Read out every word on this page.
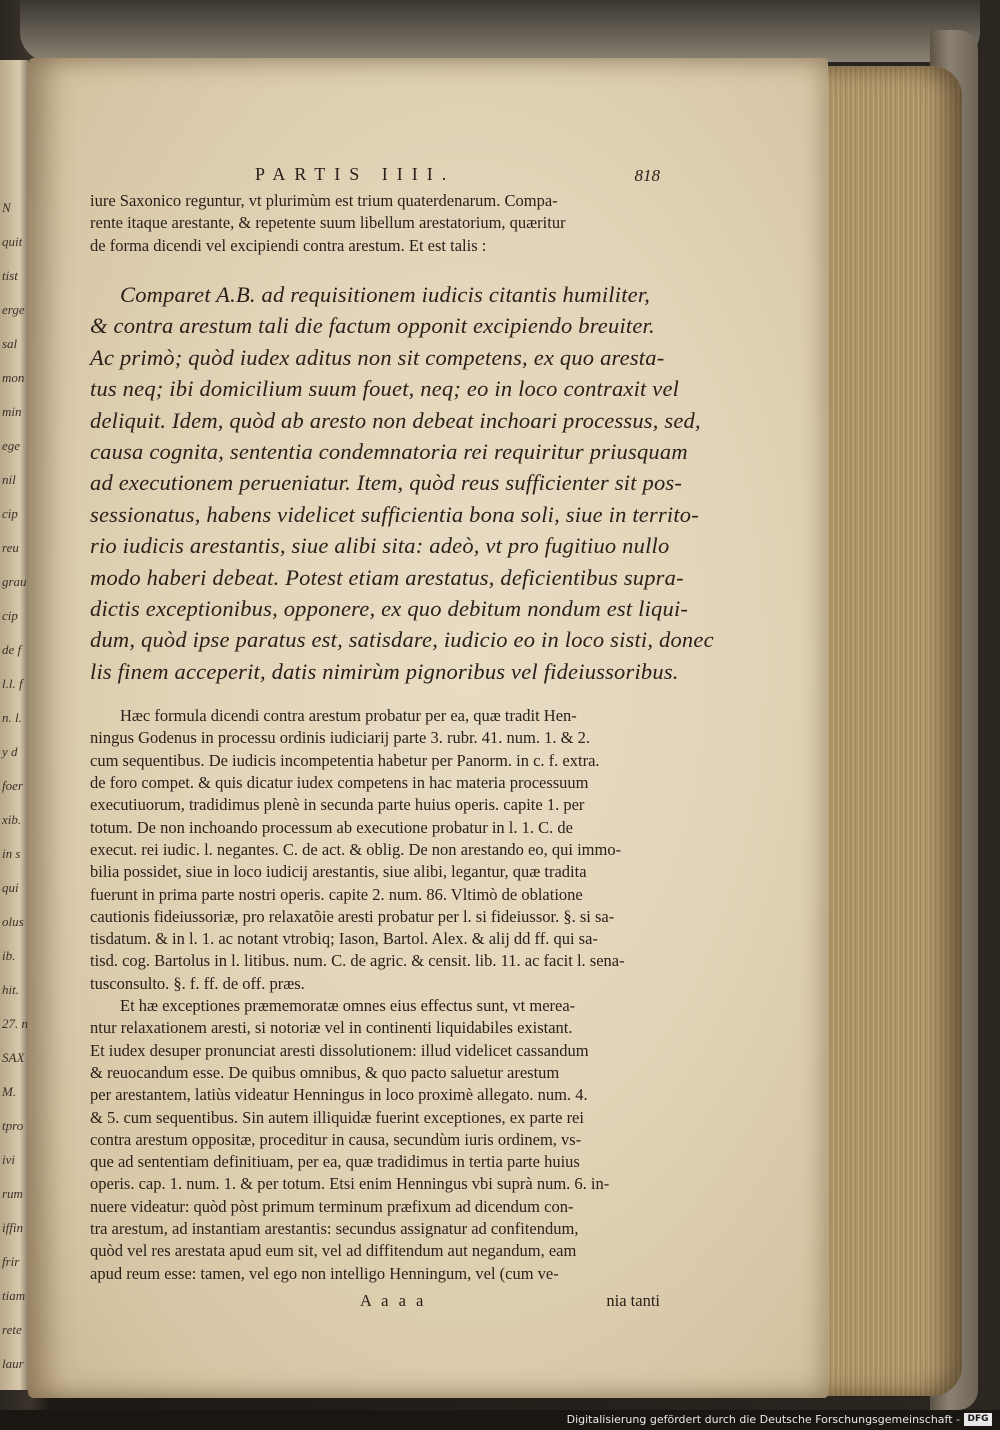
N
quit
tist
erge
sal
mon
min
ege
nil
cip
reu
grau
cip
de f
l.l. f
n. l.
y d
foer
xib.
in s
qui
olus
ib.
hit.
27. n
SAX
M.
tpro
ivi
rum
iffin
frir
tiam
rete
laur
PARTIS IIII.	818
iure Saxonico reguntur, vt plurimùm est trium quaterdenarum. Compa-
rente itaque arestante, & repetente suum libellum arestatorium, quæritur
de forma dicendi vel excipiendi contra arestum. Et est talis :
Comparet A.B. ad requisitionem iudicis citantis humiliter,
& contra arestum tali die factum opponit excipiendo breuiter.
Ac primò; quòd iudex aditus non sit competens, ex quo aresta-
tus neq; ibi domicilium suum fouet, neq; eo in loco contraxit vel
deliquit. Idem, quòd ab aresto non debeat inchoari processus, sed,
causa cognita, sententia condemnatoria rei requiritur priusquam
ad executionem perueniatur. Item, quòd reus sufficienter sit pos-
sessionatus, habens videlicet sufficientia bona soli, siue in territo-
rio iudicis arestantis, siue alibi sita: adeò, vt pro fugitiuo nullo
modo haberi debeat. Potest etiam arestatus, deficientibus supra-
dictis exceptionibus, opponere, ex quo debitum nondum est liqui-
dum, quòd ipse paratus est, satisdare, iudicio eo in loco sisti, donec
lis finem acceperit, datis nimirùm pignoribus vel fideiussoribus.
Hæc formula dicendi contra arestum probatur per ea, quæ tradit Hen-
ningus Godenus in processu ordinis iudiciarij parte 3. rubr. 41. num. 1. & 2.
cum sequentibus. De iudicis incompetentia habetur per Panorm. in c. f. extra.
de foro compet. & quis dicatur iudex competens in hac materia processuum
executiuorum, tradidimus plenè in secunda parte huius operis. capite 1. per
totum. De non inchoando processum ab executione probatur in l. 1. C. de
execut. rei iudic. l. negantes. C. de act. & oblig. De non arestando eo, qui immo-
bilia possidet, siue in loco iudicij arestantis, siue alibi, legantur, quæ tradita
fuerunt in prima parte nostri operis. capite 2. num. 86. Vltimò de oblatione
cautionis fideiussoriæ, pro relaxatõie aresti probatur per l. si fideiussor. §. si sa-
tisdatum. & in l. 1. ac notant vtrobiq; Iason, Bartol. Alex. & alij dd ff. qui sa-
tisd. cog. Bartolus in l. litibus. num. C. de agric. & censit. lib. 11. ac facit l. sena-
tusconsulto. §. f. ff. de off. præs.
Et hæ exceptiones præmemoratæ omnes eius effectus sunt, vt merea-
ntur relaxationem aresti, si notoriæ vel in continenti liquidabiles existant.
Et iudex desuper pronunciat aresti dissolutionem: illud videlicet cassandum
& reuocandum esse. De quibus omnibus, & quo pacto saluetur arestum
per arestantem, latiùs videatur Henningus in loco proximè allegato. num. 4.
& 5. cum sequentibus. Sin autem illiquidæ fuerint exceptiones, ex parte rei
contra arestum oppositæ, proceditur in causa, secundùm iuris ordinem, vs-
que ad sententiam definitiuam, per ea, quæ tradidimus in tertia parte huius
operis. cap. 1. num. 1. & per totum. Etsi enim Henningus vbi suprà num. 6. in-
nuere videatur: quòd pòst primum terminum præfixum ad dicendum con-
tra arestum, ad instantiam arestantis: secundus assignatur ad confitendum,
quòd vel res arestata apud eum sit, vel ad diffitendum aut negandum, eam
apud reum esse: tamen, vel ego non intelligo Henningum, vel (cum ve-
A a a a	nia tanti
Digitalisierung gefördert durch die Deutsche Forschungsgemeinschaft - DFG
